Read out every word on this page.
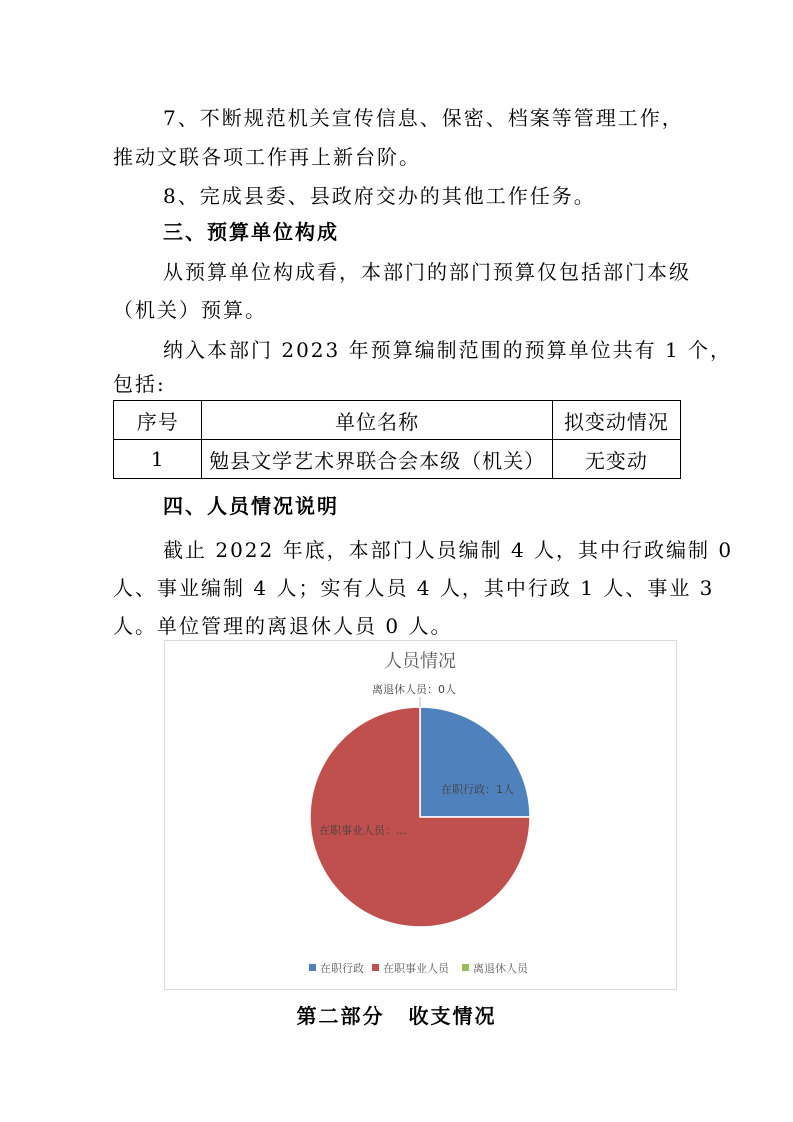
7、不断规范机关宣传信息、保密、档案等管理工作，
推动文联各项工作再上新台阶。
8、完成县委、县政府交办的其他工作任务。
三、预算单位构成
从预算单位构成看，本部门的部门预算仅包括部门本级
（机关）预算。
纳入本部门 2023 年预算编制范围的预算单位共有 1 个，
包括:
序号	单位名称	拟变动情况
1	勉县文学艺术界联合会本级（机关）	无变动
四、人员情况说明
截止 2022 年底，本部门人员编制 4 人，其中行政编制 0
人、事业编制 4 人；实有人员 4 人，其中行政 1 人、事业 3
人。单位管理的离退休人员 0 人。
人员情况
离退休人员：0人
在职行政：1人
在职事业人员：...
在职行政 在职事业人员 离退休人员
第二部分 收支情况
